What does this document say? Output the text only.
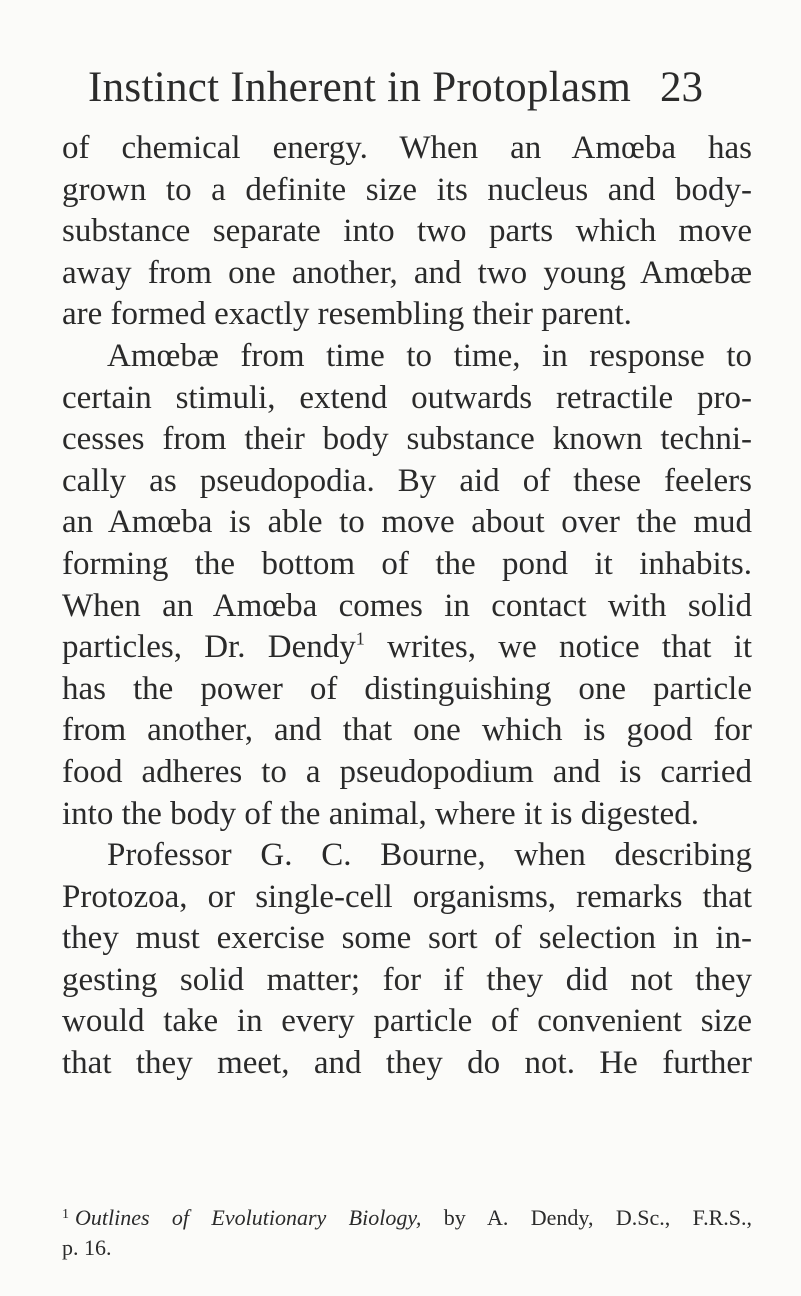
Instinct Inherent in Protoplasm 23
of chemical energy. When an Amœba has
grown to a definite size its nucleus and body-
substance separate into two parts which move
away from one another, and two young Amœbæ
are formed exactly resembling their parent.
Amœbæ from time to time, in response to
certain stimuli, extend outwards retractile pro-
cesses from their body substance known techni-
cally as pseudopodia. By aid of these feelers
an Amœba is able to move about over the mud
forming the bottom of the pond it inhabits.
When an Amœba comes in contact with solid
particles, Dr. Dendy$^1$ writes, we notice that it
has the power of distinguishing one particle
from another, and that one which is good for
food adheres to a pseudopodium and is carried
into the body of the animal, where it is digested.
Professor G. C. Bourne, when describing
Protozoa, or single-cell organisms, remarks that
they must exercise some sort of selection in in-
gesting solid matter; for if they did not they
would take in every particle of convenient size
that they meet, and they do not. He further
$^1$ Outlines of Evolutionary Biology, by A. Dendy, D.Sc., F.R.S.,
p. 16.
